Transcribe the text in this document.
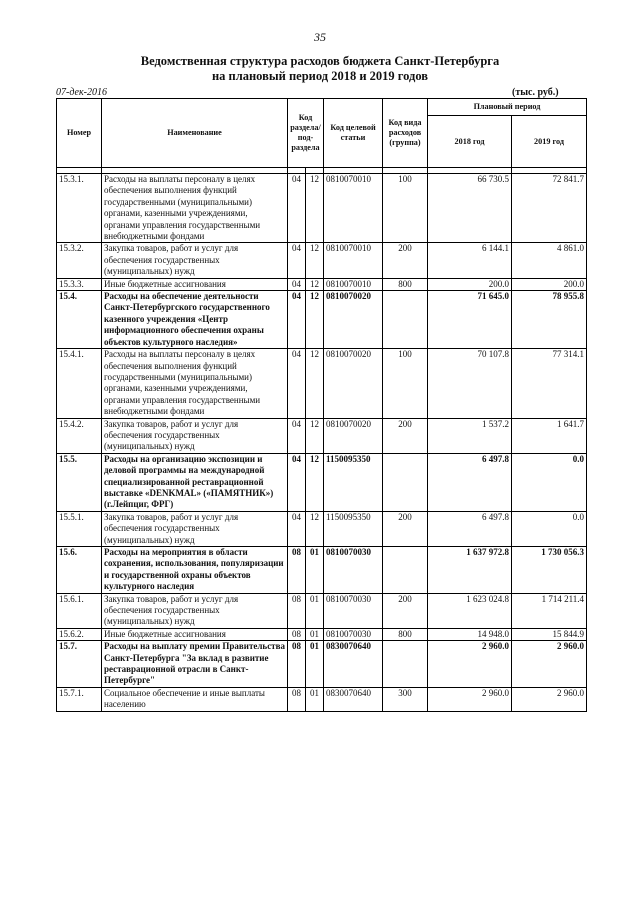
35
Ведомственная структура расходов бюджета Санкт-Петербурга
на плановый период 2018 и 2019 годов
07-дек-2016	(тыс. руб.)
Номер	Наименование	Код раздела/ под-раздела		Код целевой статьи	Код вида расходов (группа)	Плановый период	
						2018 год	2019 год

15.3.1.	Расходы на выплаты персоналу в целях обеспечения выполнения функций государственными (муниципальными) органами, казенными учреждениями, органами управления государственными внебюджетными фондами	04	12	0810070010	100	66 730.5	72 841.7
15.3.2.	Закупка товаров, работ и услуг для обеспечения государственных (муниципальных) нужд	04	12	0810070010	200	6 144.1	4 861.0
15.3.3.	Иные бюджетные ассигнования	04	12	0810070010	800	200.0	200.0
15.4.	Расходы на обеспечение деятельности Санкт-Петербургского государственного казенного учреждения «Центр информационного обеспечения охраны объектов культурного наследия»	04	12	0810070020		71 645.0	78 955.8
15.4.1.	Расходы на выплаты персоналу в целях обеспечения выполнения функций государственными (муниципальными) органами, казенными учреждениями, органами управления государственными внебюджетными фондами	04	12	0810070020	100	70 107.8	77 314.1
15.4.2.	Закупка товаров, работ и услуг для обеспечения государственных (муниципальных) нужд	04	12	0810070020	200	1 537.2	1 641.7
15.5.	Расходы на организацию экспозиции и деловой программы на международной специализированной реставрационной выставке «DENKMAL» («ПАМЯТНИК») (г.Лейпциг, ФРГ)	04	12	1150095350		6 497.8	0.0
15.5.1.	Закупка товаров, работ и услуг для обеспечения государственных (муниципальных) нужд	04	12	1150095350	200	6 497.8	0.0
15.6.	Расходы на мероприятия в области сохранения, использования, популяризации и государственной охраны объектов культурного наследия	08	01	0810070030		1 637 972.8	1 730 056.3
15.6.1.	Закупка товаров, работ и услуг для обеспечения государственных (муниципальных) нужд	08	01	0810070030	200	1 623 024.8	1 714 211.4
15.6.2.	Иные бюджетные ассигнования	08	01	0810070030	800	14 948.0	15 844.9
15.7.	Расходы на выплату премии Правительства Санкт-Петербурга "За вклад в развитие реставрационной отрасли в Санкт-Петербурге"	08	01	0830070640		2 960.0	2 960.0
15.7.1.	Социальное обеспечение и иные выплаты населению	08	01	0830070640	300	2 960.0	2 960.0
